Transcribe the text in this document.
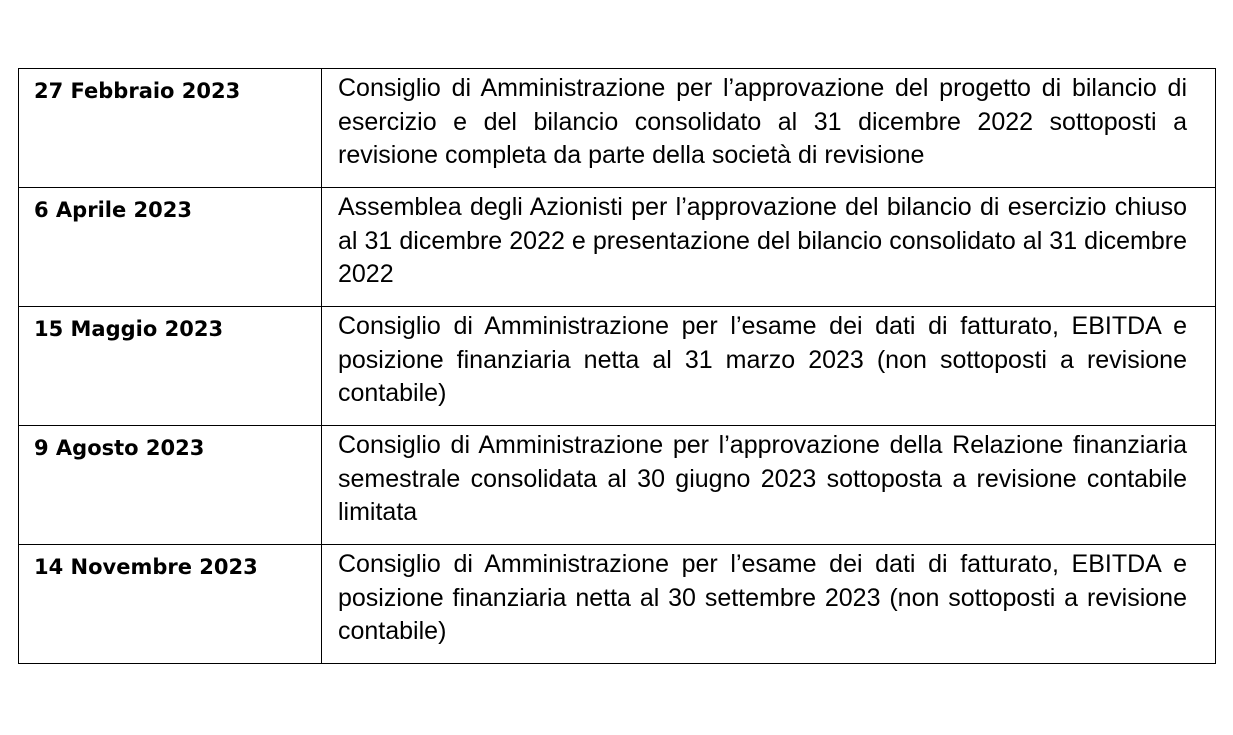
27 Febbraio 2023	Consiglio di Amministrazione per l’approvazione del progetto di bilancio di esercizio e del bilancio consolidato al 31 dicembre 2022 sottoposti a revisione completa da parte della società di revisione
6 Aprile 2023	Assemblea degli Azionisti per l’approvazione del bilancio di esercizio chiuso al 31 dicembre 2022 e presentazione del bilancio consolidato al 31 dicembre 2022
15 Maggio 2023	Consiglio di Amministrazione per l’esame dei dati di fatturato, EBITDA e posizione finanziaria netta al 31 marzo 2023 (non sottoposti a revisione contabile)
9 Agosto 2023	Consiglio di Amministrazione per l’approvazione della Relazione finanziaria semestrale consolidata al 30 giugno 2023 sottoposta a revisione contabile limitata
14 Novembre 2023	Consiglio di Amministrazione per l’esame dei dati di fatturato, EBITDA e posizione finanziaria netta al 30 settembre 2023 (non sottoposti a revisione contabile)
